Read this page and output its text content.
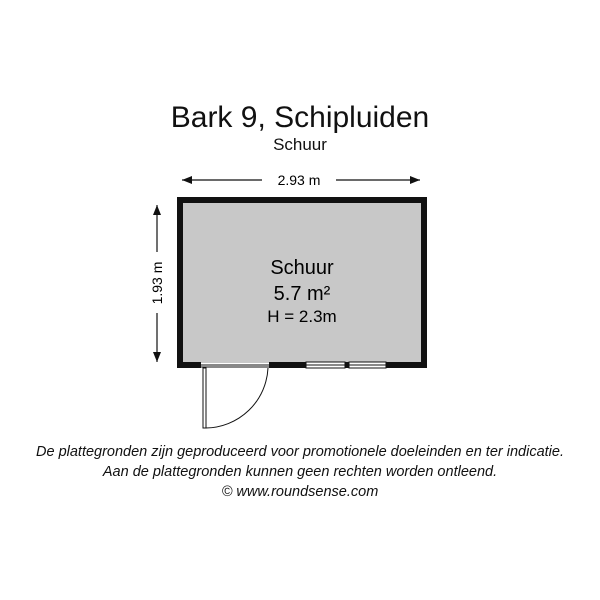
Bark 9, Schipluiden
Schuur
2.93 m
1.93 m	Schuur
5.7 m²
H = 2.3m
De plattegronden zijn geproduceerd voor promotionele doeleinden en ter indicatie.
Aan de plattegronden kunnen geen rechten worden ontleend.
© www.roundsense.com
